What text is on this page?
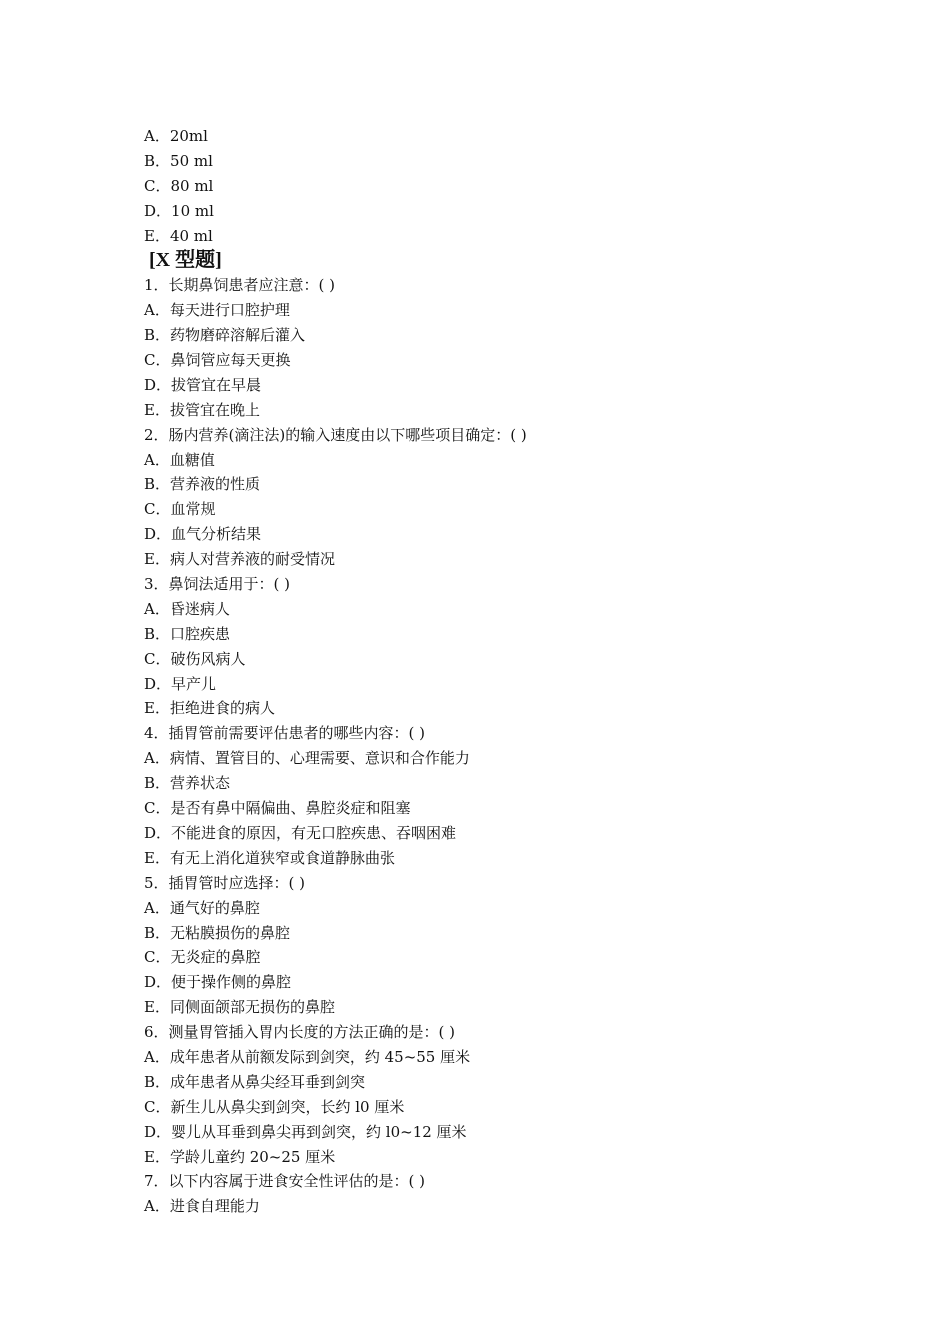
A．20ml
B．50 ml
C．80 ml
D．10 ml
E．40 ml
[X 型题]
1．长期鼻饲患者应注意：( )
A．每天进行口腔护理
B．药物磨碎溶解后灌入
C．鼻饲管应每天更换
D．拔管宜在早晨
E．拔管宜在晚上
2．肠内营养(滴注法)的输入速度由以下哪些项目确定：( )
A．血糖值
B．营养液的性质
C．血常规
D．血气分析结果
E．病人对营养液的耐受情况
3．鼻饲法适用于：( )
A．昏迷病人
B．口腔疾患
C．破伤风病人
D．早产儿
E．拒绝进食的病人
4．插胃管前需要评估患者的哪些内容：( )
A．病情、置管目的、心理需要、意识和合作能力
B．营养状态
C．是否有鼻中隔偏曲、鼻腔炎症和阻塞
D．不能进食的原因，有无口腔疾患、吞咽困难
E．有无上消化道狭窄或食道静脉曲张
5．插胃管时应选择：( )
A．通气好的鼻腔
B．无粘膜损伤的鼻腔
C．无炎症的鼻腔
D．便于操作侧的鼻腔
E．同侧面颌部无损伤的鼻腔
6．测量胃管插入胃内长度的方法正确的是：( )
A．成年患者从前额发际到剑突，约 45~55 厘米
B．成年患者从鼻尖经耳垂到剑突
C．新生儿从鼻尖到剑突，长约 l0 厘米
D．婴儿从耳垂到鼻尖再到剑突，约 l0~12 厘米
E．学龄儿童约 20~25 厘米
7．以下内容属于进食安全性评估的是：( )
A．进食自理能力
